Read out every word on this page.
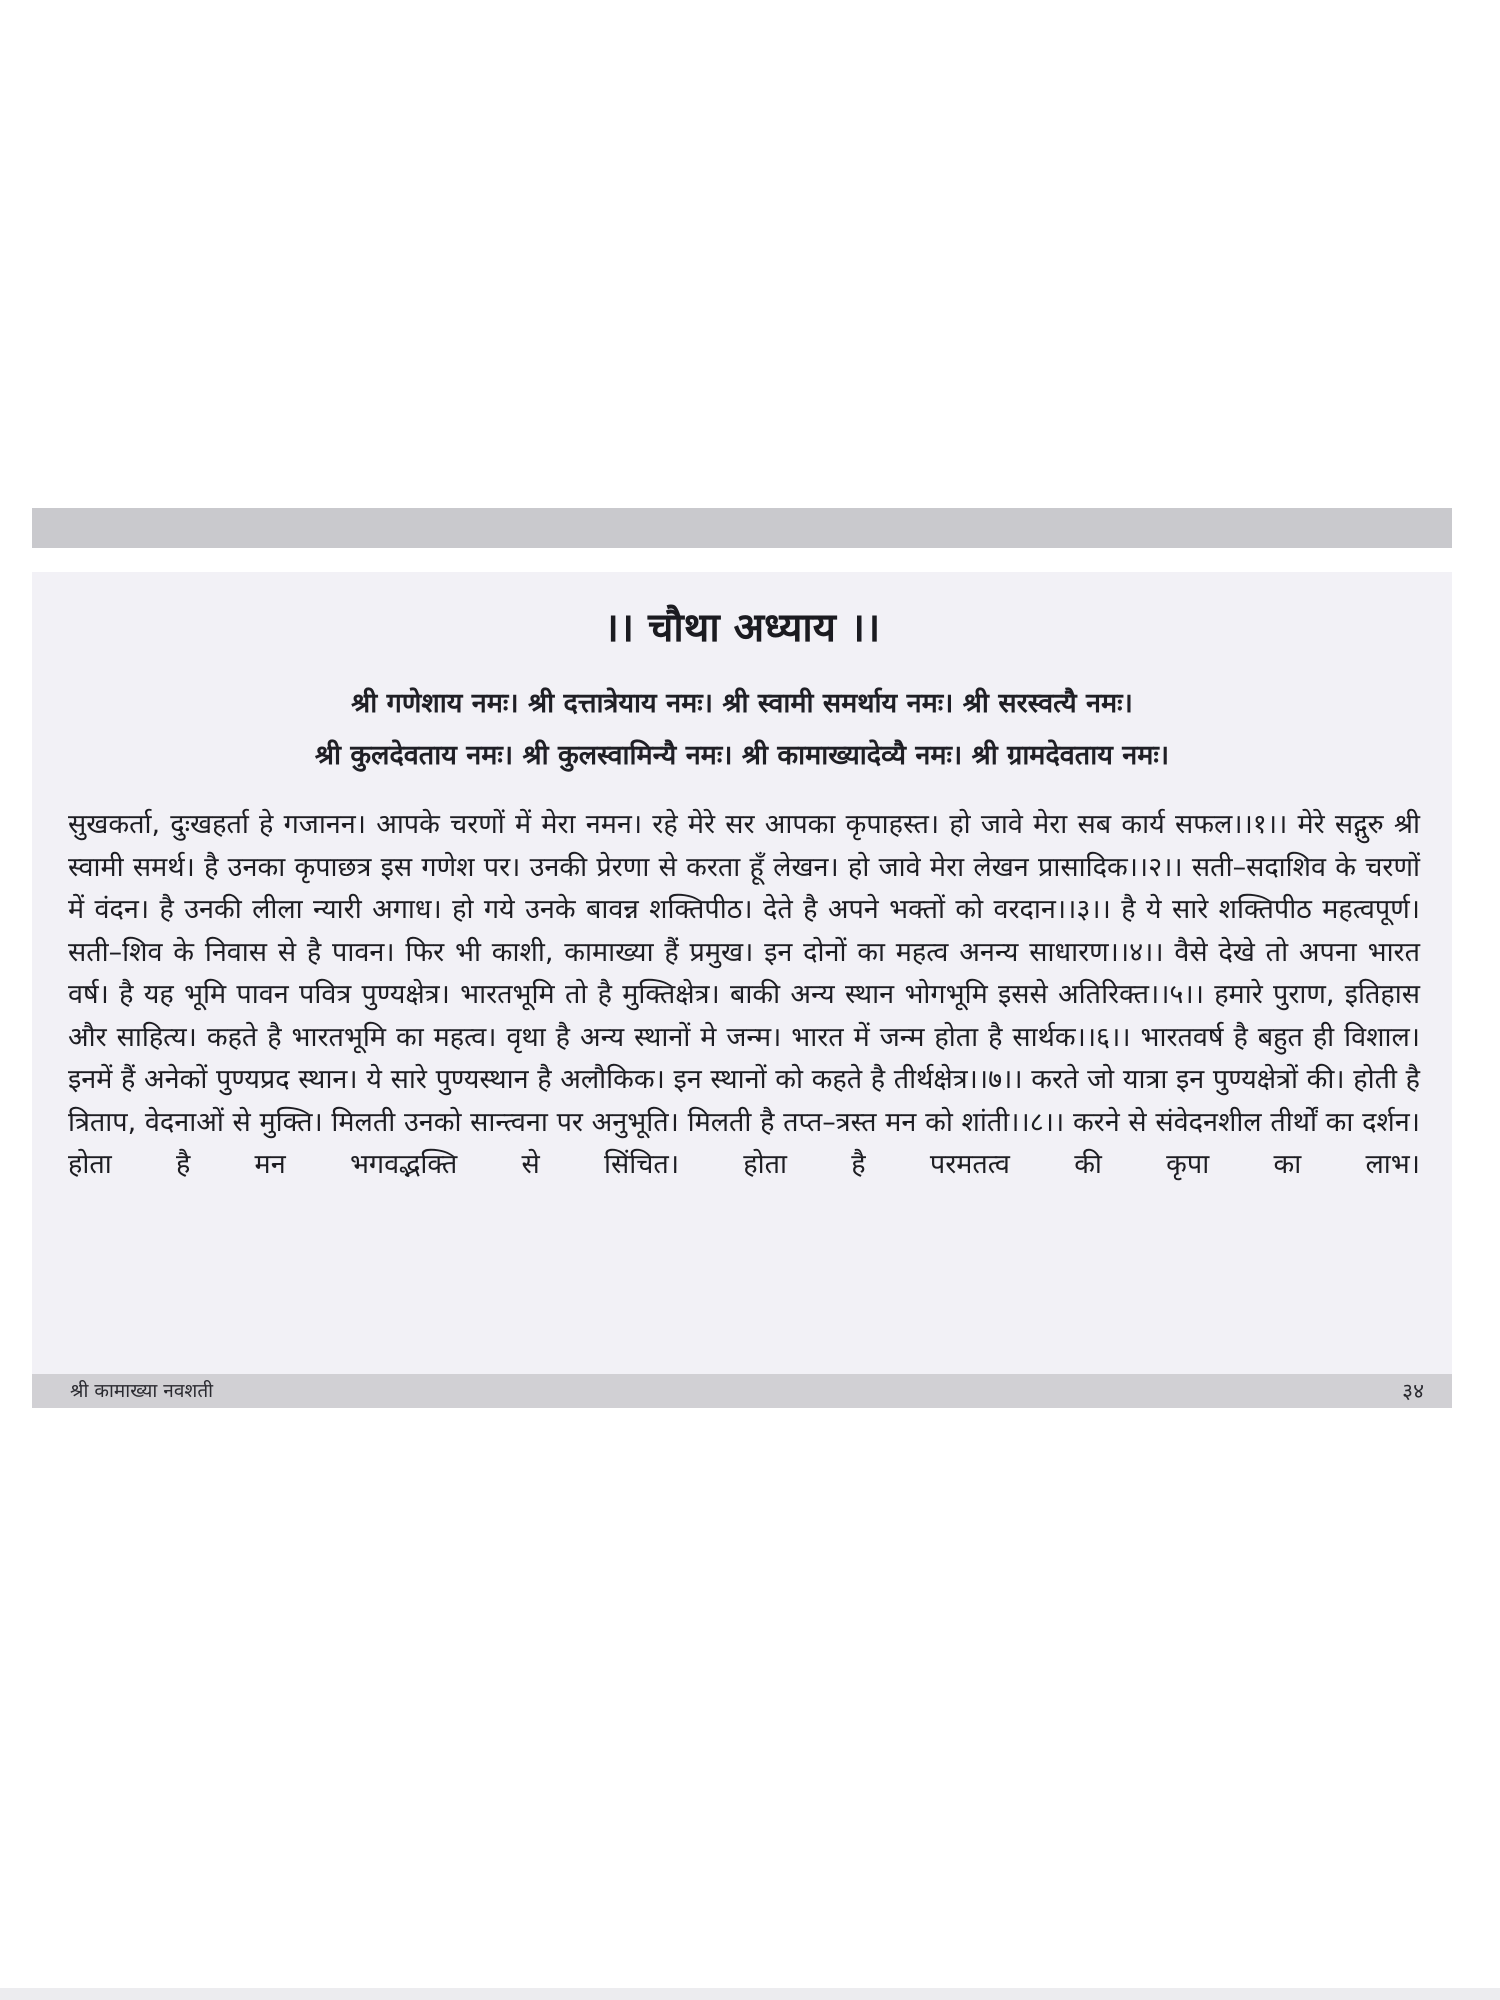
।। चौथा अध्याय ।।
श्री गणेशाय नमः। श्री दत्तात्रेयाय नमः। श्री स्वामी समर्थाय नमः। श्री सरस्वत्यै नमः।
श्री कुलदेवताय नमः। श्री कुलस्वामिन्यै नमः। श्री कामाख्यादेव्यै नमः। श्री ग्रामदेवताय नमः।

सुखकर्ता, दुःखहर्ता हे गजानन। आपके चरणों में मेरा नमन। रहे मेरे सर आपका कृपाहस्त। हो जावे मेरा सब कार्य सफल।।१।। मेरे सद्गुरु श्री स्वामी समर्थ। है उनका कृपाछत्र इस गणेश पर। उनकी प्रेरणा से करता हूँ लेखन। हो जावे मेरा लेखन प्रासादिक।।२।। सती–सदाशिव के चरणों में वंदन। है उनकी लीला न्यारी अगाध। हो गये उनके बावन्न शक्तिपीठ। देते है अपने भक्तों को वरदान।।३।। है ये सारे शक्तिपीठ महत्वपूर्ण। सती–शिव के निवास से है पावन। फिर भी काशी, कामाख्या हैं प्रमुख। इन दोनों का महत्व अनन्य साधारण।।४।। वैसे देखे तो अपना भारत वर्ष। है यह भूमि पावन पवित्र पुण्यक्षेत्र। भारतभूमि तो है मुक्तिक्षेत्र। बाकी अन्य स्थान भोगभूमि इससे अतिरिक्त।।५।। हमारे पुराण, इतिहास और साहित्य। कहते है भारतभूमि का महत्व। वृथा है अन्य स्थानों मे जन्म। भारत में जन्म होता है सार्थक।।६।। भारतवर्ष है बहुत ही विशाल। इनमें हैं अनेकों पुण्यप्रद स्थान। ये सारे पुण्यस्थान है अलौकिक। इन स्थानों को कहते है तीर्थक्षेत्र।।७।। करते जो यात्रा इन पुण्यक्षेत्रों की। होती है त्रिताप, वेदनाओं से मुक्ति। मिलती उनको सान्त्वना पर अनुभूति। मिलती है तप्त–त्रस्त मन को शांती।।८।। करने से संवेदनशील तीर्थों का दर्शन। होता है मन भगवद्भक्ति से सिंचित। होता है परमतत्व की कृपा का लाभ।

श्री कामाख्या नवशती	३४
